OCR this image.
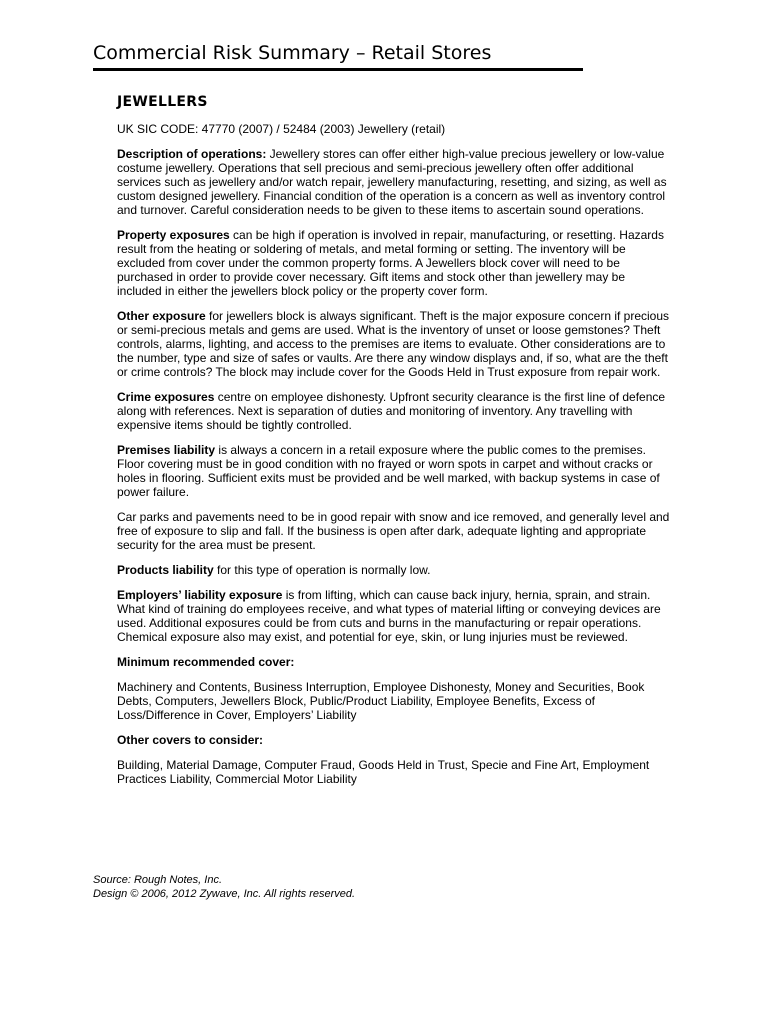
Commercial Risk Summary – Retail Stores
JEWELLERS

UK SIC CODE: 47770 (2007) / 52484 (2003) Jewellery (retail)

Description of operations: Jewellery stores can offer either high-value precious jewellery or low-value costume jewellery. Operations that sell precious and semi-precious jewellery often offer additional services such as jewellery and/or watch repair, jewellery manufacturing, resetting, and sizing, as well as custom designed jewellery. Financial condition of the operation is a concern as well as inventory control and turnover. Careful consideration needs to be given to these items to ascertain sound operations.

Property exposures can be high if operation is involved in repair, manufacturing, or resetting. Hazards result from the heating or soldering of metals, and metal forming or setting. The inventory will be excluded from cover under the common property forms. A Jewellers block cover will need to be purchased in order to provide cover necessary. Gift items and stock other than jewellery may be included in either the jewellers block policy or the property cover form.

Other exposure for jewellers block is always significant. Theft is the major exposure concern if precious or semi-precious metals and gems are used. What is the inventory of unset or loose gemstones? Theft controls, alarms, lighting, and access to the premises are items to evaluate. Other considerations are to the number, type and size of safes or vaults. Are there any window displays and, if so, what are the theft or crime controls? The block may include cover for the Goods Held in Trust exposure from repair work.

Crime exposures centre on employee dishonesty. Upfront security clearance is the first line of defence along with references. Next is separation of duties and monitoring of inventory. Any travelling with expensive items should be tightly controlled.

Premises liability is always a concern in a retail exposure where the public comes to the premises. Floor covering must be in good condition with no frayed or worn spots in carpet and without cracks or holes in flooring. Sufficient exits must be provided and be well marked, with backup systems in case of power failure.

Car parks and pavements need to be in good repair with snow and ice removed, and generally level and free of exposure to slip and fall. If the business is open after dark, adequate lighting and appropriate security for the area must be present.

Products liability for this type of operation is normally low.

Employers’ liability exposure is from lifting, which can cause back injury, hernia, sprain, and strain. What kind of training do employees receive, and what types of material lifting or conveying devices are used. Additional exposures could be from cuts and burns in the manufacturing or repair operations. Chemical exposure also may exist, and potential for eye, skin, or lung injuries must be reviewed.

Minimum recommended cover:

Machinery and Contents, Business Interruption, Employee Dishonesty, Money and Securities, Book Debts, Computers, Jewellers Block, Public/Product Liability, Employee Benefits, Excess of Loss/Difference in Cover, Employers’ Liability

Other covers to consider:

Building, Material Damage, Computer Fraud, Goods Held in Trust, Specie and Fine Art, Employment Practices Liability, Commercial Motor Liability

Source: Rough Notes, Inc.
Design © 2006, 2012 Zywave, Inc. All rights reserved.
